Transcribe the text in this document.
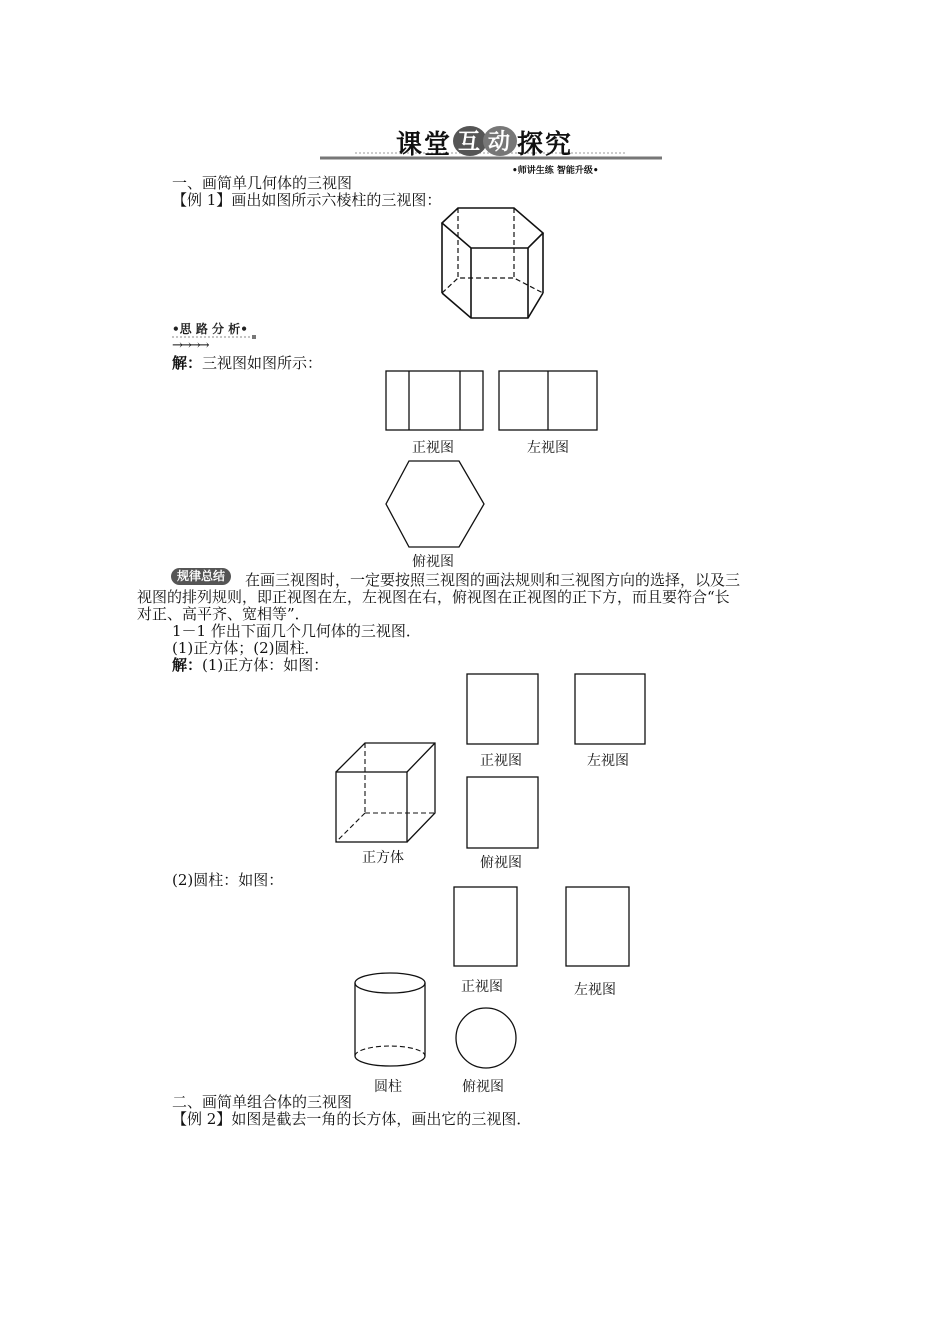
课堂 互 动 探究
•师讲生练 智能升级•
一、画简单几何体的三视图
【例 1】画出如图所示六棱柱的三视图：
•思 路 分 析•
→→→→
解：三视图如图所示：
正视图	左视图
俯视图
规律总结	在画三视图时，一定要按照三视图的画法规则和三视图方向的选择，以及三
视图的排列规则，即正视图在左，左视图在右，俯视图在正视图的正下方，而且要符合“长
对正、高平齐、宽相等”．
1－1 作出下面几个几何体的三视图．
(1)正方体；(2)圆柱．
解：(1)正方体：如图：
正视图	左视图
俯视图
正方体
(2)圆柱：如图：
正视图	左视图
俯视图
圆柱
二、画简单组合体的三视图
【例 2】如图是截去一角的长方体，画出它的三视图．
